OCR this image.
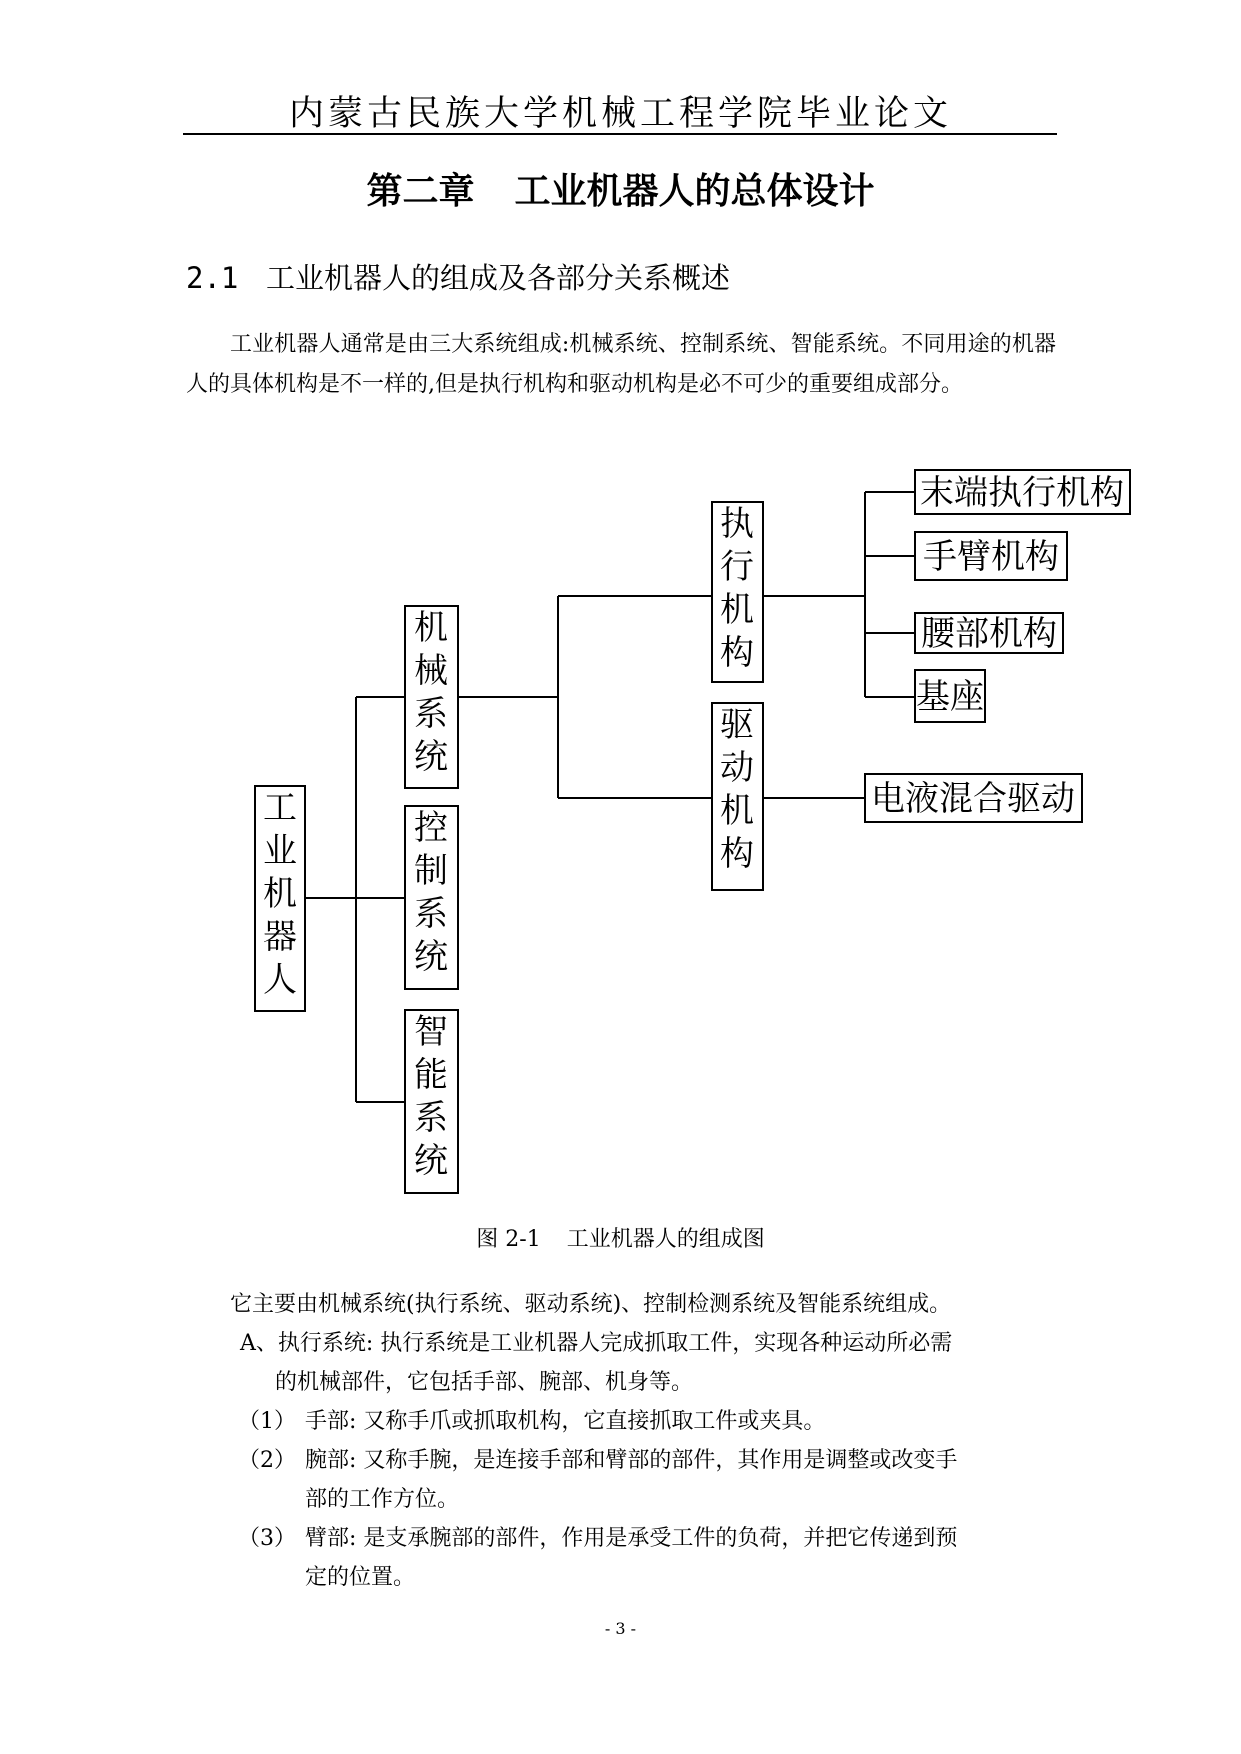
内蒙古民族大学机械工程学院毕业论文
第二章 工业机器人的总体设计
2.1 工业机器人的组成及各部分关系概述
工业机器人通常是由三大系统组成:机械系统、控制系统、智能系统。不同用途的机器人的具体机构是不一样的,但是执行机构和驱动机构是必不可少的重要组成部分。
工
业
机
器
人
机
械
系
统
控
制
系
统
智
能
系
统
执
行
机
构
驱
动
机
构
末端执行机构
手臂机构
腰部机构
基座
电液混合驱动
图 2-1 工业机器人的组成图
它主要由机械系统(执行系统、驱动系统)、控制检测系统及智能系统组成。
A、执行系统: 执行系统是工业机器人完成抓取工件，实现各种运动所必需
的机械部件，它包括手部、腕部、机身等。
（1） 手部: 又称手爪或抓取机构，它直接抓取工件或夹具。
（2） 腕部: 又称手腕，是连接手部和臂部的部件，其作用是调整或改变手
部的工作方位。
（3） 臂部: 是支承腕部的部件，作用是承受工件的负荷，并把它传递到预
定的位置。
- 3 -
